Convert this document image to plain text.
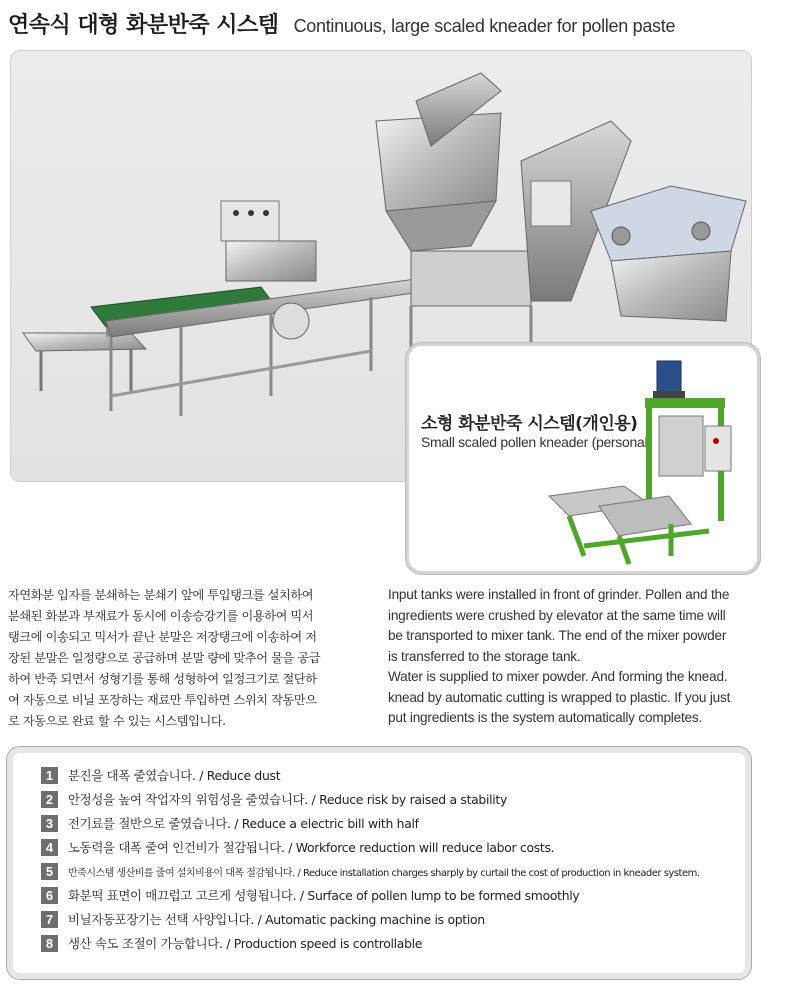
연속식 대형 화분반죽 시스템 Continuous, large scaled kneader for pollen paste
소형 화분반죽 시스템(개인용)
Small scaled pollen kneader (personal)
자연화분 입자를 분쇄하는 분쇄기 앞에 투입탱크를 설치하여
분쇄된 화분과 부재료가 동시에 이송승강기를 이용하여 믹서
탱크에 이송되고 믹서가 끝난 분말은 저장탱크에 이송하여 저
장된 분말은 일정량으로 공급하며 분말 량에 맞추어 물을 공급
하여 반죽 되면서 성형기를 통해 성형하여 일정크기로 절단하
여 자동으로 비닐 포장하는 재료만 투입하면 스위치 작동만으
로 자동으로 완료 할 수 있는 시스템입니다.
Input tanks were installed in front of grinder. Pollen and the
ingredients were crushed by elevator at the same time will
be transported to mixer tank. The end of the mixer powder
is transferred to the storage tank.
Water is supplied to mixer powder. And forming the knead.
knead by automatic cutting is wrapped to plastic. If you just
put ingredients is the system automatically completes.
1	분진을 대폭 줄였습니다. / Reduce dust
2	안정성을 높여 작업자의 위험성을 줄였습니다. / Reduce risk by raised a stability
3	전기료를 절반으로 줄였습니다. / Reduce a electric bill with half
4	노동력을 대폭 줄여 인건비가 절감됩니다. / Workforce reduction will reduce labor costs.
5	반죽시스템 생산비를 줄여 설치비용이 대폭 절감됩니다. / Reduce installation charges sharply by curtail the cost of production in kneader system.
6	화분떡 표면이 매끄럽고 고르게 성형됩니다. / Surface of pollen lump to be formed smoothly
7	비닐자동포장기는 선택 사양입니다. / Automatic packing machine is option
8	생산 속도 조절이 가능합니다. / Production speed is controllable
